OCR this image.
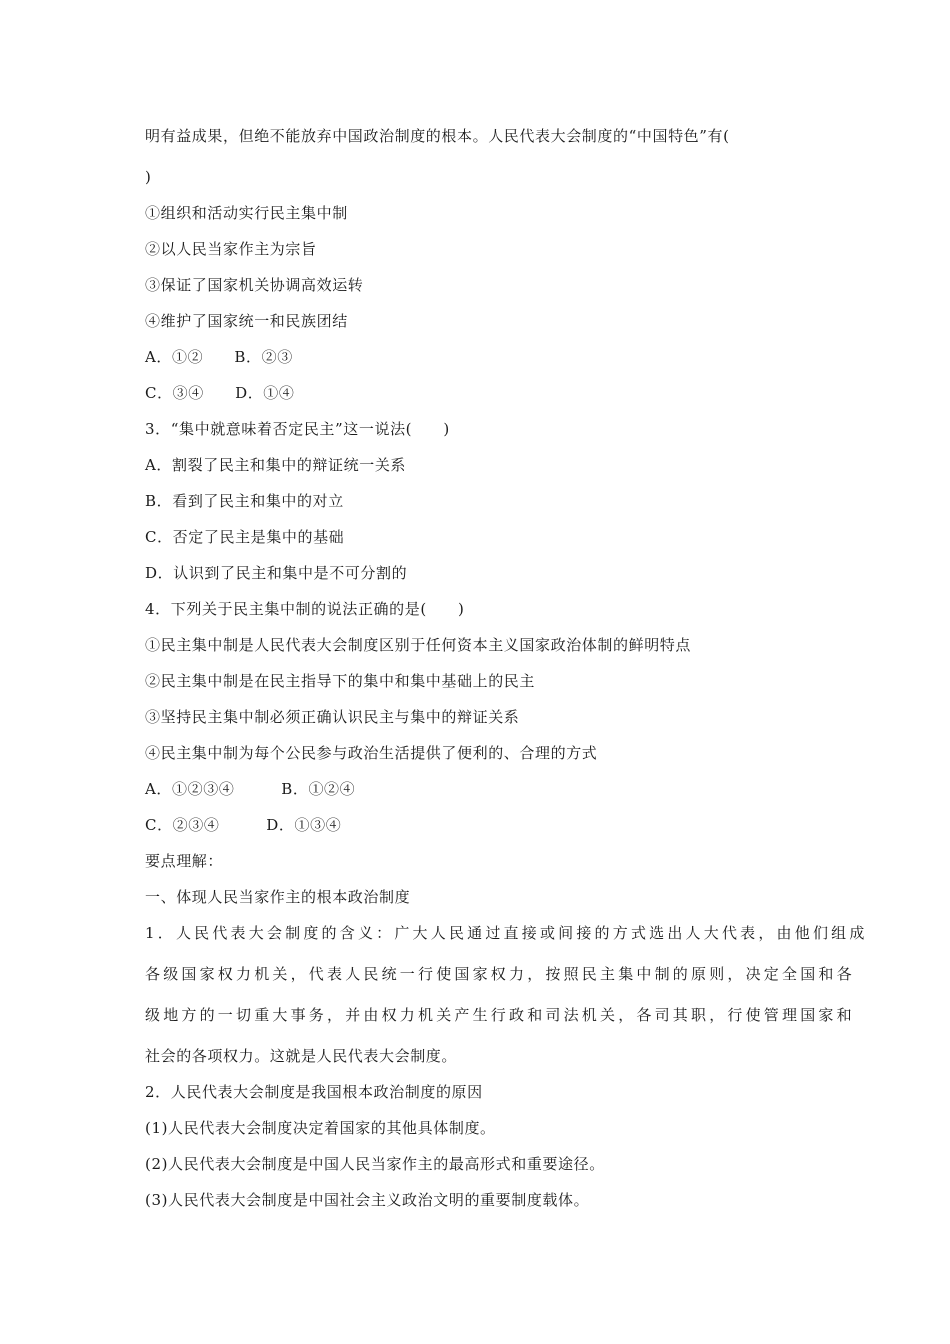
明有益成果，但绝不能放弃中国政治制度的根本。人民代表大会制度的“中国特色”有(
)
①组织和活动实行民主集中制
②以人民当家作主为宗旨
③保证了国家机关协调高效运转
④维护了国家统一和民族团结
A．①②　　B．②③
C．③④　　D．①④
3．“集中就意味着否定民主”这一说法(　　)
A．割裂了民主和集中的辩证统一关系
B．看到了民主和集中的对立
C．否定了民主是集中的基础
D．认识到了民主和集中是不可分割的
4．下列关于民主集中制的说法正确的是(　　)
①民主集中制是人民代表大会制度区别于任何资本主义国家政治体制的鲜明特点
②民主集中制是在民主指导下的集中和集中基础上的民主
③坚持民主集中制必须正确认识民主与集中的辩证关系
④民主集中制为每个公民参与政治生活提供了便利的、合理的方式
A．①②③④　　　B．①②④
C．②③④　　　D．①③④
要点理解：
一、体现人民当家作主的根本政治制度
1．人民代表大会制度的含义：广大人民通过直接或间接的方式选出人大代表，由他们组成
各级国家权力机关，代表人民统一行使国家权力，按照民主集中制的原则，决定全国和各
级地方的一切重大事务，并由权力机关产生行政和司法机关，各司其职，行使管理国家和
社会的各项权力。这就是人民代表大会制度。
2．人民代表大会制度是我国根本政治制度的原因
(1)人民代表大会制度决定着国家的其他具体制度。
(2)人民代表大会制度是中国人民当家作主的最高形式和重要途径。
(3)人民代表大会制度是中国社会主义政治文明的重要制度载体。
